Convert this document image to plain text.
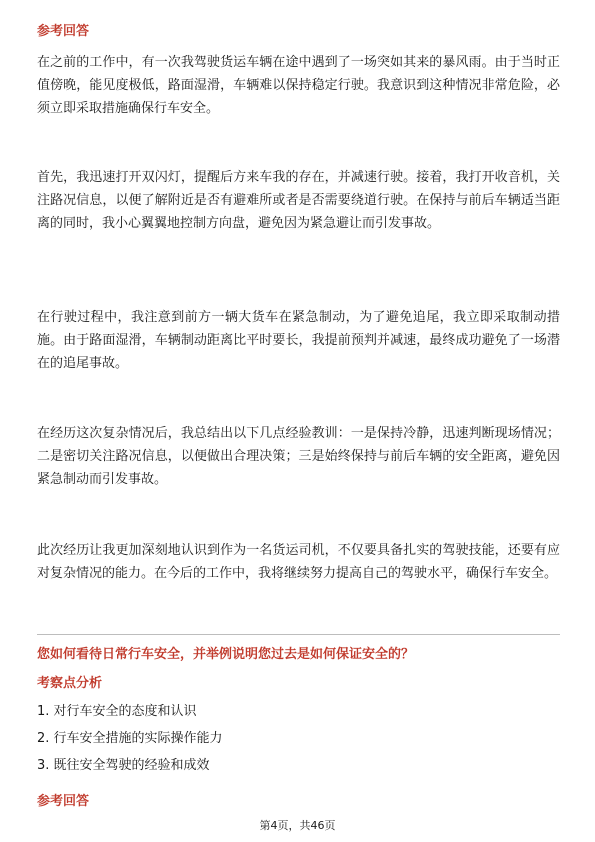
参考回答

在之前的工作中，有一次我驾驶货运车辆在途中遇到了一场突如其来的暴风雨。由于当时正值傍晚，能见度极低，路面湿滑，车辆难以保持稳定行驶。我意识到这种情况非常危险，必须立即采取措施确保行车安全。

首先，我迅速打开双闪灯，提醒后方来车我的存在，并减速行驶。接着，我打开收音机，关注路况信息，以便了解附近是否有避难所或者是否需要绕道行驶。在保持与前后车辆适当距离的同时，我小心翼翼地控制方向盘，避免因为紧急避让而引发事故。

在行驶过程中，我注意到前方一辆大货车在紧急制动，为了避免追尾，我立即采取制动措施。由于路面湿滑，车辆制动距离比平时要长，我提前预判并减速，最终成功避免了一场潜在的追尾事故。

在经历这次复杂情况后，我总结出以下几点经验教训：一是保持冷静，迅速判断现场情况；二是密切关注路况信息，以便做出合理决策；三是始终保持与前后车辆的安全距离，避免因紧急制动而引发事故。

此次经历让我更加深刻地认识到作为一名货运司机，不仅要具备扎实的驾驶技能，还要有应对复杂情况的能力。在今后的工作中，我将继续努力提高自己的驾驶水平，确保行车安全。

您如何看待日常行车安全，并举例说明您过去是如何保证安全的？
考察点分析
1. 对行车安全的态度和认识
2. 行车安全措施的实际操作能力
3. 既往安全驾驶的经验和成效
参考回答
第4页，共46页
